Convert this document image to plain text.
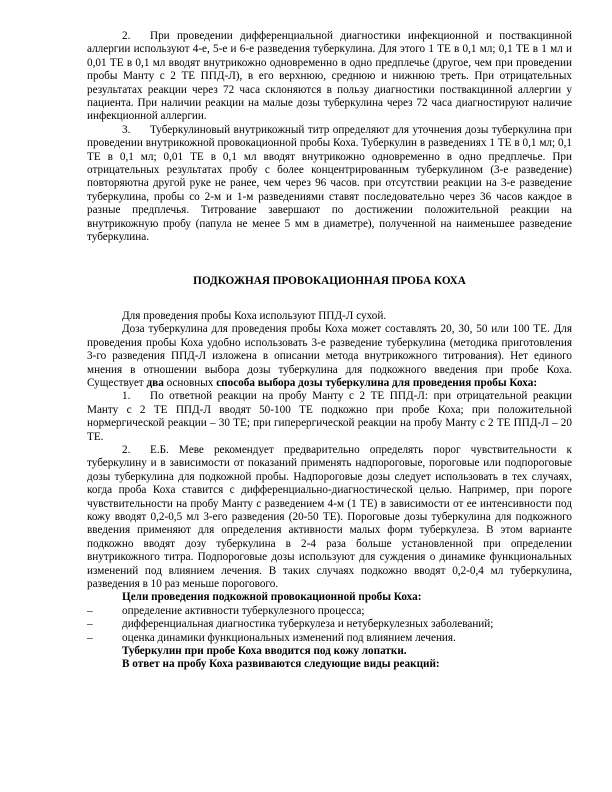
2. При проведении дифференциальной диагностики инфекционной и поствакцинной аллергии используют 4-е, 5-е и 6-е разведения туберкулина. Для этого 1 ТЕ в 0,1 мл; 0,1 ТЕ в 1 мл и 0,01 ТЕ в 0,1 мл вводят внутрикожно одновременно в одно предплечье (другое, чем при проведении пробы Манту с 2 ТЕ ППД-Л), в его верхнюю, среднюю и нижнюю треть. При отрицательных результатах реакции через 72 часа склоняются в пользу диагностики поствакцинной аллергии у пациента. При наличии реакции на малые дозы туберкулина через 72 часа диагностируют наличие инфекционной аллергии.

3. Туберкулиновый внутрикожный титр определяют для уточнения дозы туберкулина при проведении внутрикожной провокационной пробы Коха. Туберкулин в разведениях 1 ТЕ в 0,1 мл; 0,1 ТЕ в 0,1 мл; 0,01 ТЕ в 0,1 мл вводят внутрикожно одновременно в одно предплечье. При отрицательных результатах пробу с более концентрированным туберкулином (3-е разведение) повторяютна другой руке не ранее, чем через 96 часов. при отсутствии реакции на 3-е разведение туберкулина, пробы со 2-м и 1-м разведениями ставят последовательно через 36 часов каждое в разные предплечья. Титрование завершают по достижении положительной реакции на внутрикожную пробу (папула не менее 5 мм в диаметре), полученной на наименьшее разведение туберкулина.

ПОДКОЖНАЯ ПРОВОКАЦИОННАЯ ПРОБА КОХА

Для проведения пробы Коха используют ППД-Л сухой.

Доза туберкулина для проведения пробы Коха может составлять 20, 30, 50 или 100 ТЕ. Для проведения пробы Коха удобно использовать 3-е разведение туберкулина (методика приготовления 3-го разведения ППД-Л изложена в описании метода внутрикожного титрования). Нет единого мнения в отношении выбора дозы туберкулина для подкожного введения при пробе Коха. Существует два основных способа выбора дозы туберкулина для проведения пробы Коха:

1. По ответной реакции на пробу Манту с 2 ТЕ ППД-Л: при отрицательной реакции Манту с 2 ТЕ ППД-Л вводят 50-100 ТЕ подкожно при пробе Коха; при положительной нормергической реакции – 30 ТЕ; при гиперергической реакции на пробу Манту с 2 ТЕ ППД-Л – 20 ТЕ.

2. Е.Б. Меве рекомендует предварительно определять порог чувствительности к туберкулину и в зависимости от показаний применять надпороговые, пороговые или подпороговые дозы туберкулина для подкожной пробы. Надпороговые дозы следует использовать в тех случаях, когда проба Коха ставится с дифференциально-диагностической целью. Например, при пороге чувствительности на пробу Манту с разведением 4-м (1 ТЕ) в зависимости от ее интенсивности под кожу вводят 0,2-0,5 мл 3-его разведения (20-50 ТЕ). Пороговые дозы туберкулина для подкожного введения применяют для определения активности малых форм туберкулеза. В этом варианте подкожно вводят дозу туберкулина в 2-4 раза больше установленной при определении внутрикожного титра. Подпороговые дозы используют для суждения о динамике функциональных изменений под влиянием лечения. В таких случаях подкожно вводят 0,2-0,4 мл туберкулина, разведения в 10 раз меньше порогового.

Цели проведения подкожной провокационной пробы Коха:

–	определение активности туберкулезного процесса;
–	дифференциальная диагностика туберкулеза и нетуберкулезных заболеваний;
–	оценка динамики функциональных изменений под влиянием лечения.

Туберкулин при пробе Коха вводится под кожу лопатки.

В ответ на пробу Коха развиваются следующие виды реакций:
